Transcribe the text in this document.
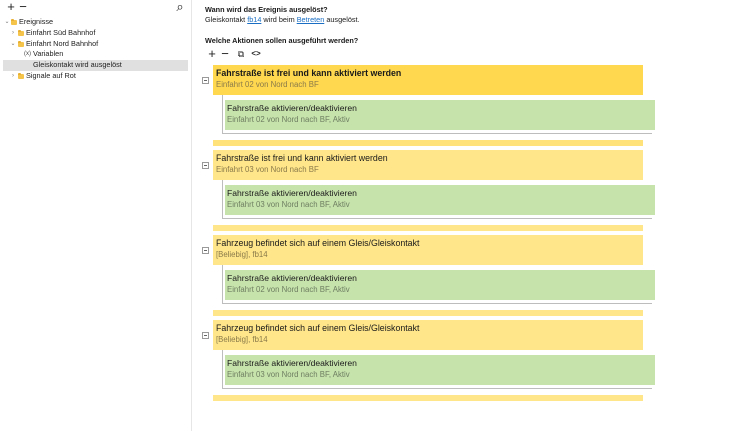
+ −	⌕
⌄ Ereignisse
›	Einfahrt Süd Bahnhof
⌄ Einfahrt Nord Bahnhof
(x) Variablen
Gleiskontakt wird ausgelöst
›	Signale auf Rot
Wann wird das Ereignis ausgelöst?
Gleiskontakt fb14 wird beim Betreten ausgelöst.
Welche Aktionen sollen ausgeführt werden?
+ − ⧉ <>
Fahrstraße ist frei und kann aktiviert werden
Einfahrt 02 von Nord nach BF
Fahrstraße aktivieren/deaktivieren
Einfahrt 02 von Nord nach BF, Aktiv
Fahrstraße ist frei und kann aktiviert werden
Einfahrt 03 von Nord nach BF
Fahrstraße aktivieren/deaktivieren
Einfahrt 03 von Nord nach BF, Aktiv
Fahrzeug befindet sich auf einem Gleis/Gleiskontakt
[Beliebig], fb14
Fahrstraße aktivieren/deaktivieren
Einfahrt 02 von Nord nach BF, Aktiv
Fahrzeug befindet sich auf einem Gleis/Gleiskontakt
[Beliebig], fb14
Fahrstraße aktivieren/deaktivieren
Einfahrt 03 von Nord nach BF, Aktiv
